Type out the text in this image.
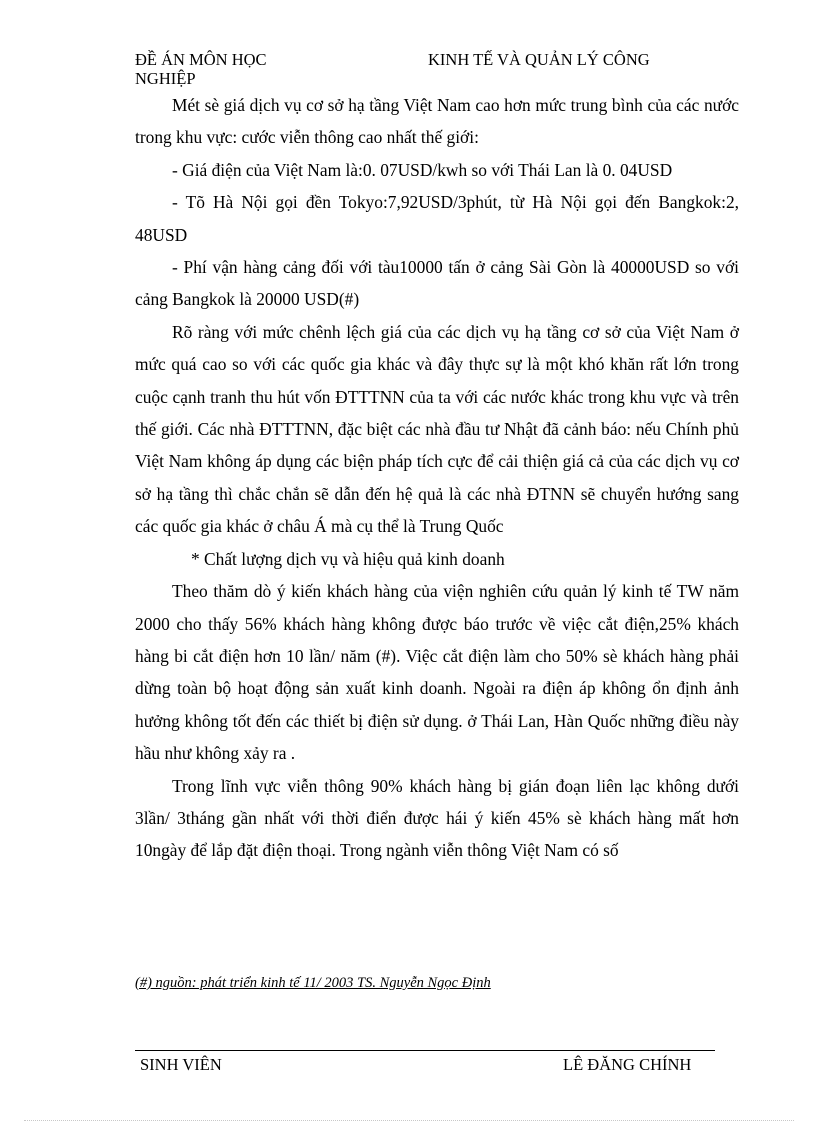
ĐỀ ÁN MÔN HỌC NGHIỆP
KINH TẾ VÀ QUẢN LÝ CÔNG

Mét sè giá dịch vụ cơ sở hạ tầng Việt Nam cao hơn mức trung bình của các nước trong khu vực: cước viễn thông cao nhất thế giới:

- Giá điện của Việt Nam là:0. 07USD/kwh so với Thái Lan là 0. 04USD

- Tõ Hà Nội gọi đền Tokyo:7,92USD/3phút, từ Hà Nội gọi đến Bangkok:2, 48USD

- Phí vận hàng cảng đối với tàu10000 tấn ở cảng Sài Gòn là 40000USD so với cảng Bangkok là 20000 USD(#)

Rõ ràng với mức chênh lệch giá của các dịch vụ hạ tầng cơ sở của Việt Nam ở mức quá cao so với các quốc gia khác và đây thực sự là một khó khăn rất lớn trong cuộc cạnh tranh thu hút vốn ĐTTTNN của ta với các nước khác trong khu vực và trên thế giới. Các nhà ĐTTTNN, đặc biệt các nhà đầu tư Nhật đã cảnh báo: nếu Chính phủ Việt Nam không áp dụng các biện pháp tích cực để cải thiện giá cả của các dịch vụ cơ sở hạ tầng thì chắc chắn sẽ dẫn đến hệ quả là các nhà ĐTNN sẽ chuyển hướng sang các quốc gia khác ở châu Á mà cụ thể là Trung Quốc

* Chất lượng dịch vụ và hiệu quả kinh doanh

Theo thăm dò ý kiến khách hàng của viện nghiên cứu quản lý kinh tế TW năm 2000 cho thấy 56% khách hàng không được báo trước về việc cắt điện,25% khách hàng bi cắt điện hơn 10 lần/ năm (#). Việc cắt điện làm cho 50% sè khách hàng phải dừng toàn bộ hoạt động sản xuất kinh doanh. Ngoài ra điện áp không ổn định ảnh hưởng không tốt đến các thiết bị điện sử dụng. ở Thái Lan, Hàn Quốc những điều này hầu như không xảy ra .

Trong lĩnh vực viễn thông 90% khách hàng bị gián đoạn liên lạc không dưới 3lần/ 3tháng gần nhất với thời điển được hái ý kiến 45% sè khách hàng mất hơn 10ngày để lắp đặt điện thoại. Trong ngành viễn thông Việt Nam có số

(#) nguồn: phát triển kinh tế 11/ 2003 TS. Nguyễn Ngọc Định
SINH VIÊN	LÊ ĐĂNG CHÍNH
